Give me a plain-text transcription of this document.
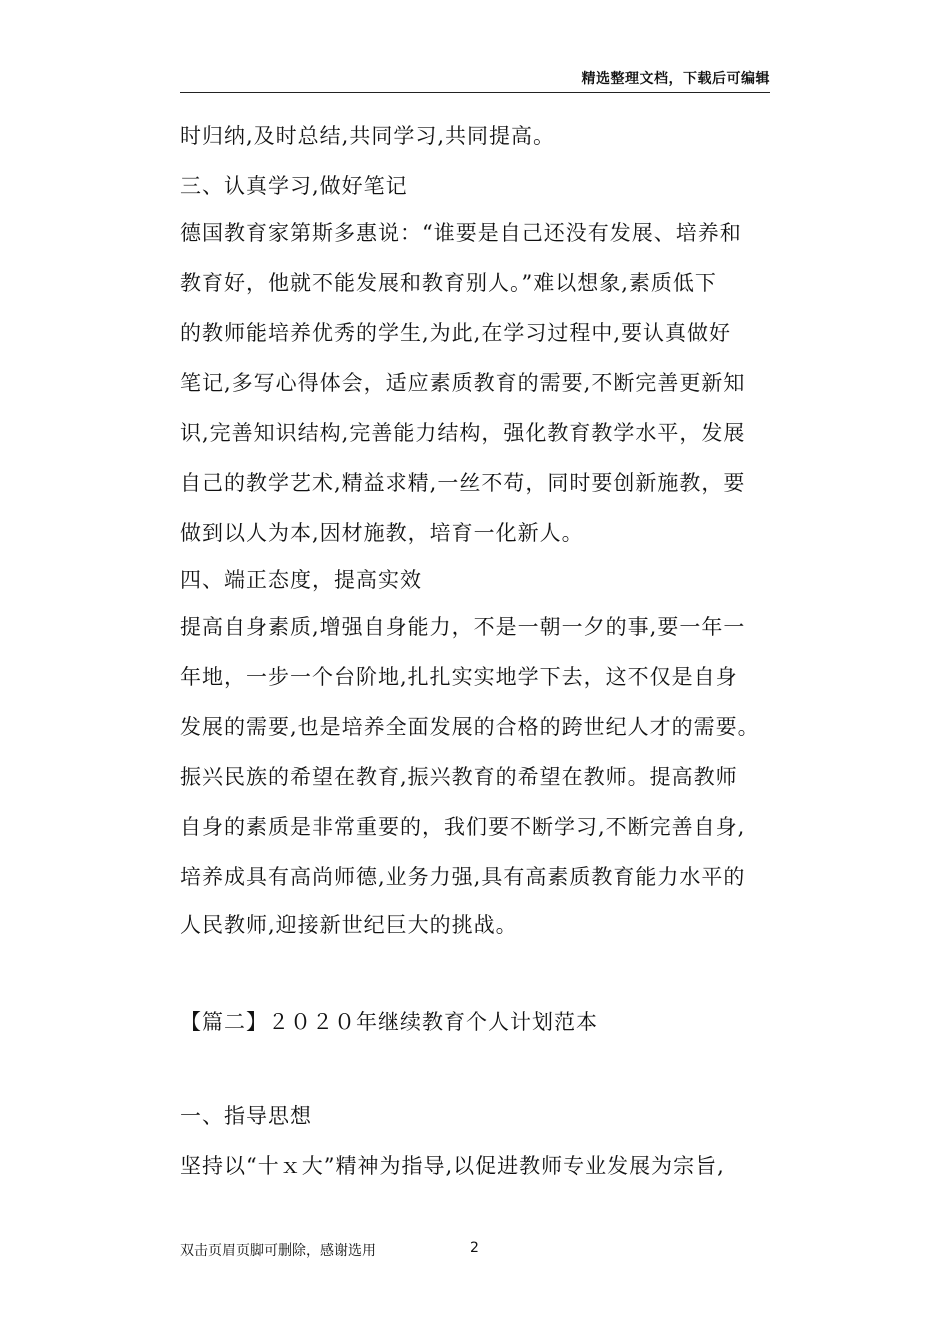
精选整理文档，下载后可编辑
时归纳,及时总结,共同学习,共同提高。
三、认真学习,做好笔记
德国教育家第斯多惠说：“谁要是自己还没有发展、培养和
教育好，他就不能发展和教育别人。”难以想象,素质低下
的教师能培养优秀的学生,为此,在学习过程中,要认真做好
笔记,多写心得体会，适应素质教育的需要,不断完善更新知
识,完善知识结构,完善能力结构，强化教育教学水平，发展
自己的教学艺术,精益求精,一丝不苟，同时要创新施教，要
做到以人为本,因材施教，培育一化新人。
四、端正态度，提高实效
提高自身素质,增强自身能力，不是一朝一夕的事,要一年一
年地，一步一个台阶地,扎扎实实地学下去，这不仅是自身
发展的需要,也是培养全面发展的合格的跨世纪人才的需要。
振兴民族的希望在教育,振兴教育的希望在教师。提高教师
自身的素质是非常重要的，我们要不断学习,不断完善自身,
培养成具有高尚师德,业务力强,具有高素质教育能力水平的
人民教师,迎接新世纪巨大的挑战。
【篇二】２０２０年继续教育个人计划范本
一、指导思想
坚持以“十ｘ大”精神为指导,以促进教师专业发展为宗旨,
双击页眉页脚可删除，感谢选用	2
